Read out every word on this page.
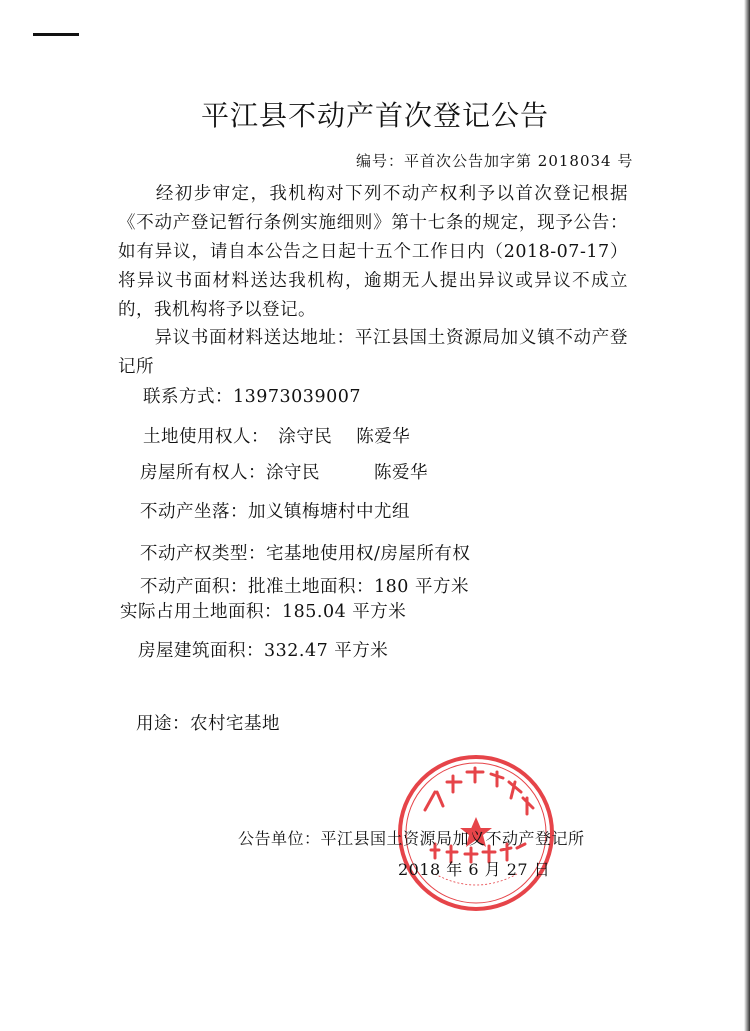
平江县不动产首次登记公告
编号：平首次公告加字第 2018034 号
　　经初步审定，我机构对下列不动产权利予以首次登记根据《不动产登记暂行条例实施细则》第十七条的规定，现予公告：如有异议，请自本公告之日起十五个工作日内（2018-07-17）将异议书面材料送达我机构，逾期无人提出异议或异议不成立的，我机构将予以登记。
　　异议书面材料送达地址：平江县国土资源局加义镇不动产登记所
联系方式：13973039007
土地使用权人：　涂守民　 陈爱华
房屋所有权人：涂守民　　　陈爱华
不动产坐落：加义镇梅塘村中尤组
不动产权类型：宅基地使用权/房屋所有权
不动产面积：批准土地面积：180 平方米
实际占用土地面积：185.04 平方米
房屋建筑面积：332.47 平方米
用途：农村宅基地
公告单位：平江县国土资源局加义不动产登记所
2018 年 6 月 27 日
